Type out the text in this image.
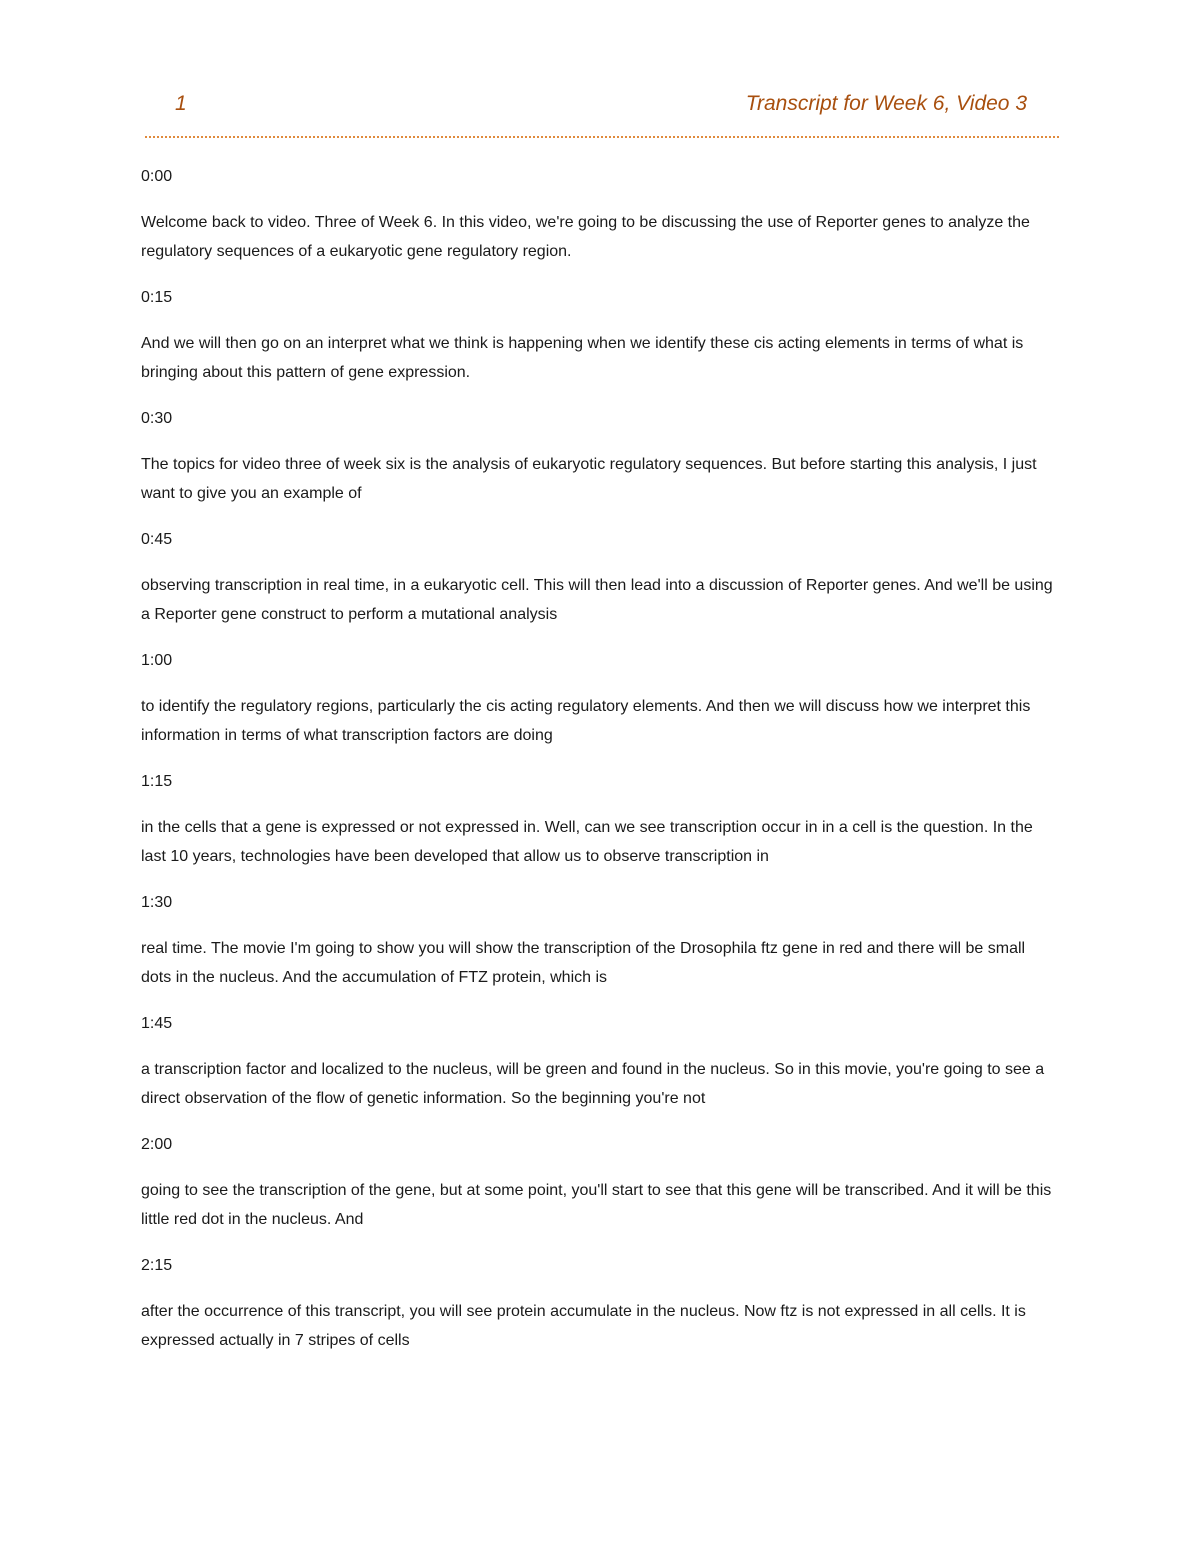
1	Transcript for Week 6, Video 3
0:00
Welcome back to video. Three of Week 6. In this video, we're going to be discussing the use of Reporter genes to analyze the regulatory sequences of a eukaryotic gene regulatory region.
0:15
And we will then go on an interpret what we think is happening when we identify these cis acting elements in terms of what is bringing about this pattern of gene expression.
0:30
The topics for video three of week six is the analysis of eukaryotic regulatory sequences. But before starting this analysis, I just want to give you an example of
0:45
observing transcription in real time, in a eukaryotic cell. This will then lead into a discussion of Reporter genes. And we'll be using a Reporter gene construct to perform a mutational analysis
1:00
to identify the regulatory regions, particularly the cis acting regulatory elements. And then we will discuss how we interpret this information in terms of what transcription factors are doing
1:15
in the cells that a gene is expressed or not expressed in. Well, can we see transcription occur in in a cell is the question. In the last 10 years, technologies have been developed that allow us to observe transcription in
1:30
real time. The movie I'm going to show you will show the transcription of the Drosophila ftz gene in red and there will be small dots in the nucleus. And the accumulation of FTZ protein, which is
1:45
a transcription factor and localized to the nucleus, will be green and found in the nucleus. So in this movie, you're going to see a direct observation of the flow of genetic information. So the beginning you're not
2:00
going to see the transcription of the gene, but at some point, you'll start to see that this gene will be transcribed. And it will be this little red dot in the nucleus. And
2:15
after the occurrence of this transcript, you will see protein accumulate in the nucleus. Now ftz is not expressed in all cells. It is expressed actually in 7 stripes of cells
